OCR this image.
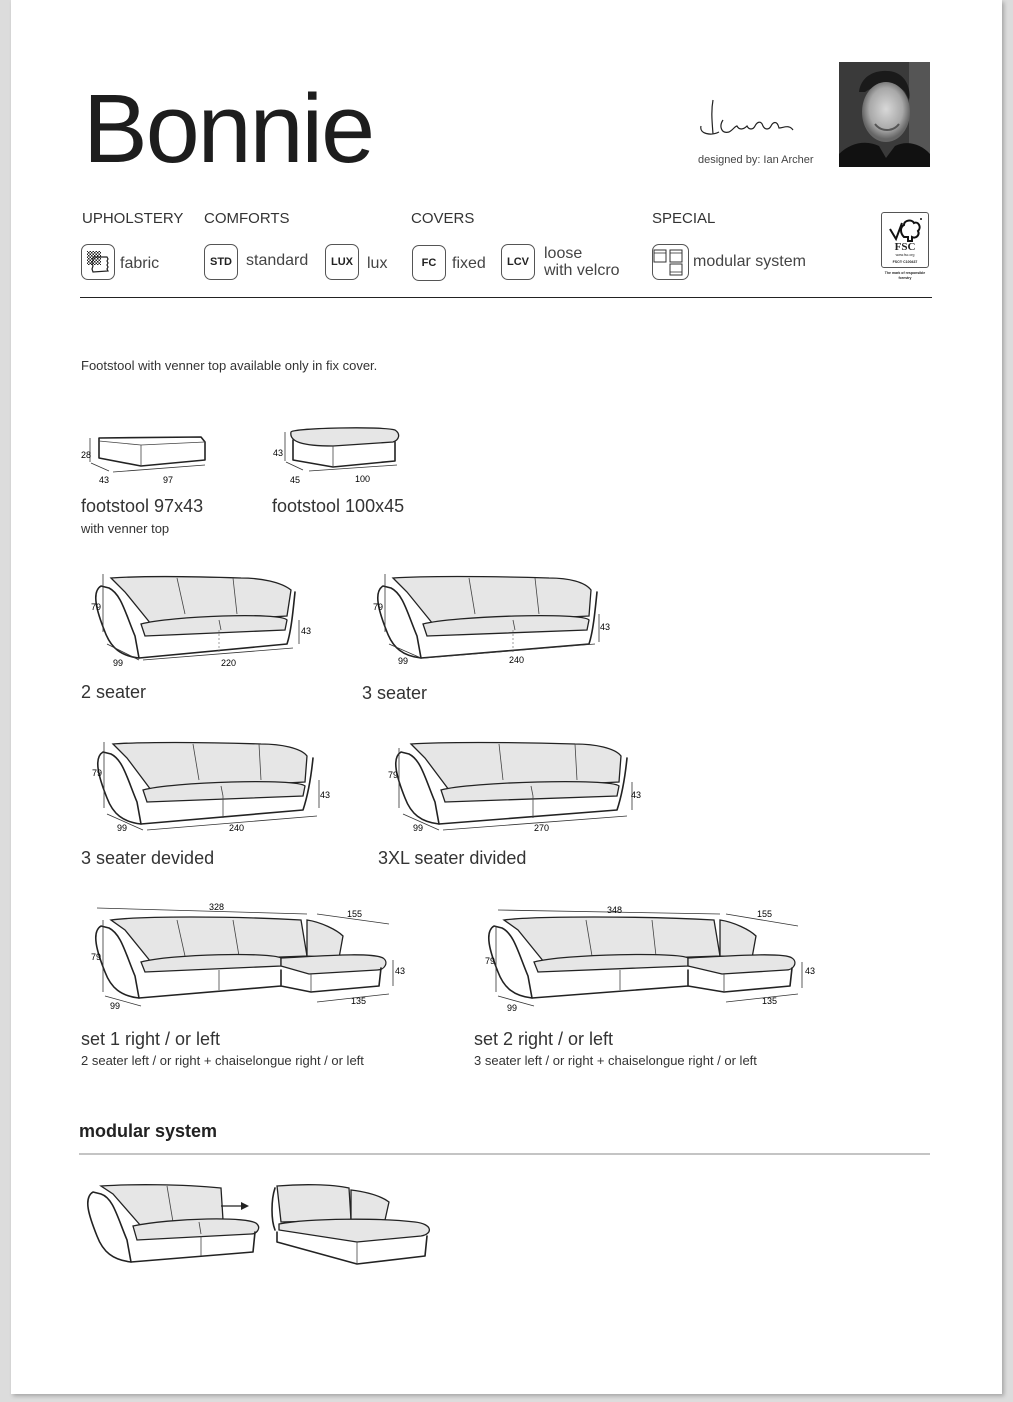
Bonnie	designed by: Ian Archer
UPHOLSTERY COMFORTS	COVERS	SPECIAL
fabric	STD standard	LUX lux	FC fixed	LCV loose
with velcro
modular system
FSC
www.fsc.org
FSC® C100437
The mark of responsible forestry
Footstool with venner top available only in fix cover.
28
43	97
footstool 97x43
with venner top
43
45	100
footstool 100x45
79
43
99	220
2 seater
79
43
99	240
3 seater
79
43
99	240
3 seater devided
79
43
99	270
3XL seater divided
328
155
79
43
99	135
set 1 right / or left
2 seater left / or right + chaiselongue right / or left
348	155
79
43
99
135
set 2 right / or left
3 seater left / or right + chaiselongue right / or left
modular system
